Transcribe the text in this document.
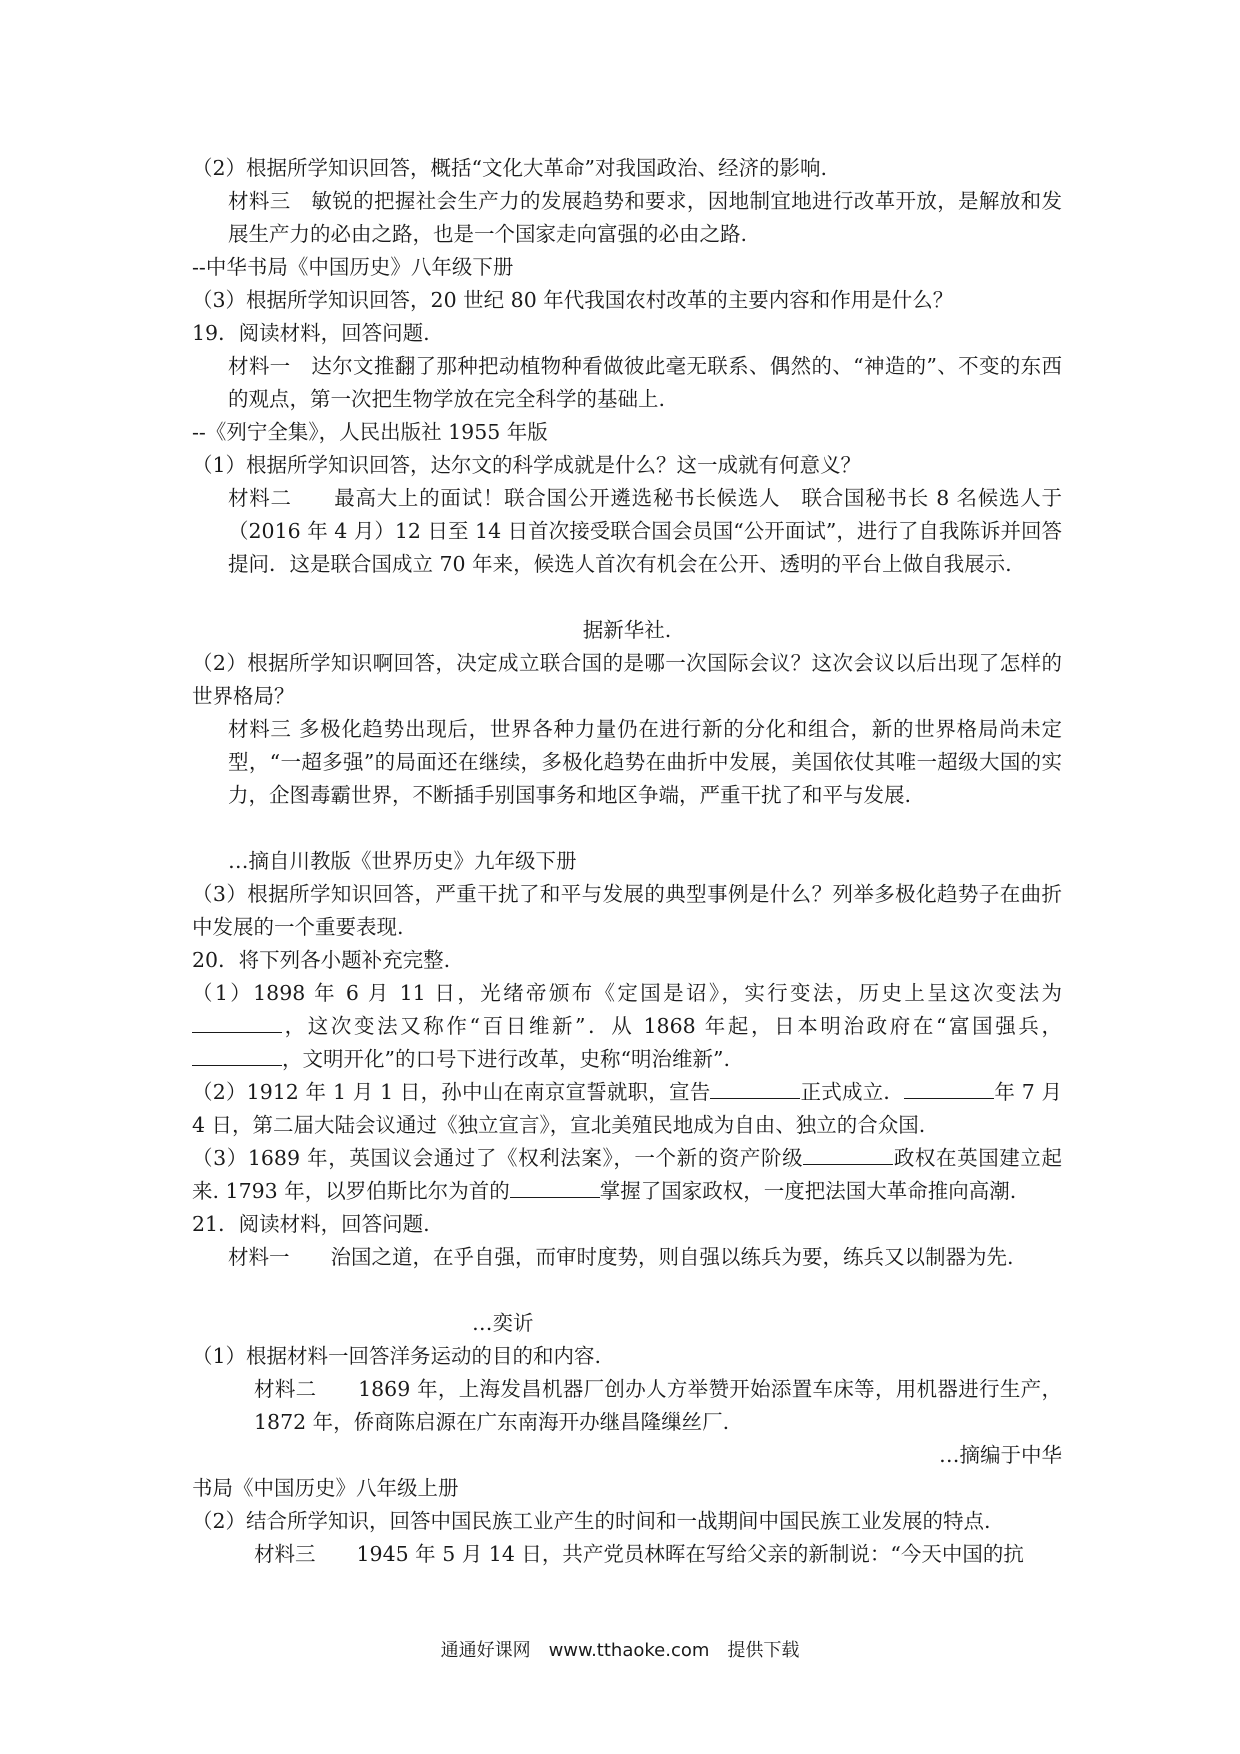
（2）根据所学知识回答，概括“文化大革命”对我国政治、经济的影响.
材料三　敏锐的把握社会生产力的发展趋势和要求，因地制宜地进行改革开放，是解放和发展生产力的必由之路，也是一个国家走向富强的必由之路.
--中华书局《中国历史》八年级下册
（3）根据所学知识回答，20 世纪 80 年代我国农村改革的主要内容和作用是什么？
19．阅读材料，回答问题.
材料一　达尔文推翻了那种把动植物种看做彼此毫无联系、偶然的、“神造的”、不变的东西的观点，第一次把生物学放在完全科学的基础上.
--《列宁全集》，人民出版社 1955 年版
（1）根据所学知识回答，达尔文的科学成就是什么？这一成就有何意义？
材料二　　最高大上的面试！联合国公开遴选秘书长候选人　联合国秘书长 8 名候选人于（2016 年 4 月）12 日至 14 日首次接受联合国会员国“公开面试”，进行了自我陈诉并回答提问．这是联合国成立 70 年来，候选人首次有机会在公开、透明的平台上做自我展示.
据新华社.
（2）根据所学知识啊回答，决定成立联合国的是哪一次国际会议？这次会议以后出现了怎样的世界格局？
材料三 多极化趋势出现后，世界各种力量仍在进行新的分化和组合，新的世界格局尚未定型，“一超多强”的局面还在继续，多极化趋势在曲折中发展，美国依仗其唯一超级大国的实力，企图毒霸世界，不断插手别国事务和地区争端，严重干扰了和平与发展.
…摘自川教版《世界历史》九年级下册
（3）根据所学知识回答，严重干扰了和平与发展的典型事例是什么？列举多极化趋势子在曲折中发展的一个重要表现.
20．将下列各小题补充完整.
（1）1898 年 6 月 11 日，光绪帝颁布《定国是诏》，实行变法，历史上呈这次变法为，这次变法又称作“百日维新”．从 1868 年起，日本明治政府在“富国强兵，，文明开化”的口号下进行改革，史称“明治维新”.
（2）1912 年 1 月 1 日，孙中山在南京宣誓就职，宣告	正式成立．	年 7 月 4 日，第二届大陆会议通过《独立宣言》，宣北美殖民地成为自由、独立的合众国.
（3）1689 年，英国议会通过了《权利法案》，一个新的资产阶级	政权在英国建立起来. 1793 年，以罗伯斯比尔为首的	掌握了国家政权，一度把法国大革命推向高潮.
21．阅读材料，回答问题.
材料一　　治国之道，在乎自强，而审时度势，则自强以练兵为要，练兵又以制器为先.
…奕䜣
（1）根据材料一回答洋务运动的目的和内容.
材料二　　1869 年，上海发昌机器厂创办人方举赞开始添置车床等，用机器进行生产，1872 年，侨商陈启源在广东南海开办继昌隆缫丝厂.
…摘编于中华
书局《中国历史》八年级上册
（2）结合所学知识，回答中国民族工业产生的时间和一战期间中国民族工业发展的特点.
材料三　　1945 年 5 月 14 日，共产党员林晖在写给父亲的新制说：“今天中国的抗
通通好课网　www.tthaoke.com　提供下载
